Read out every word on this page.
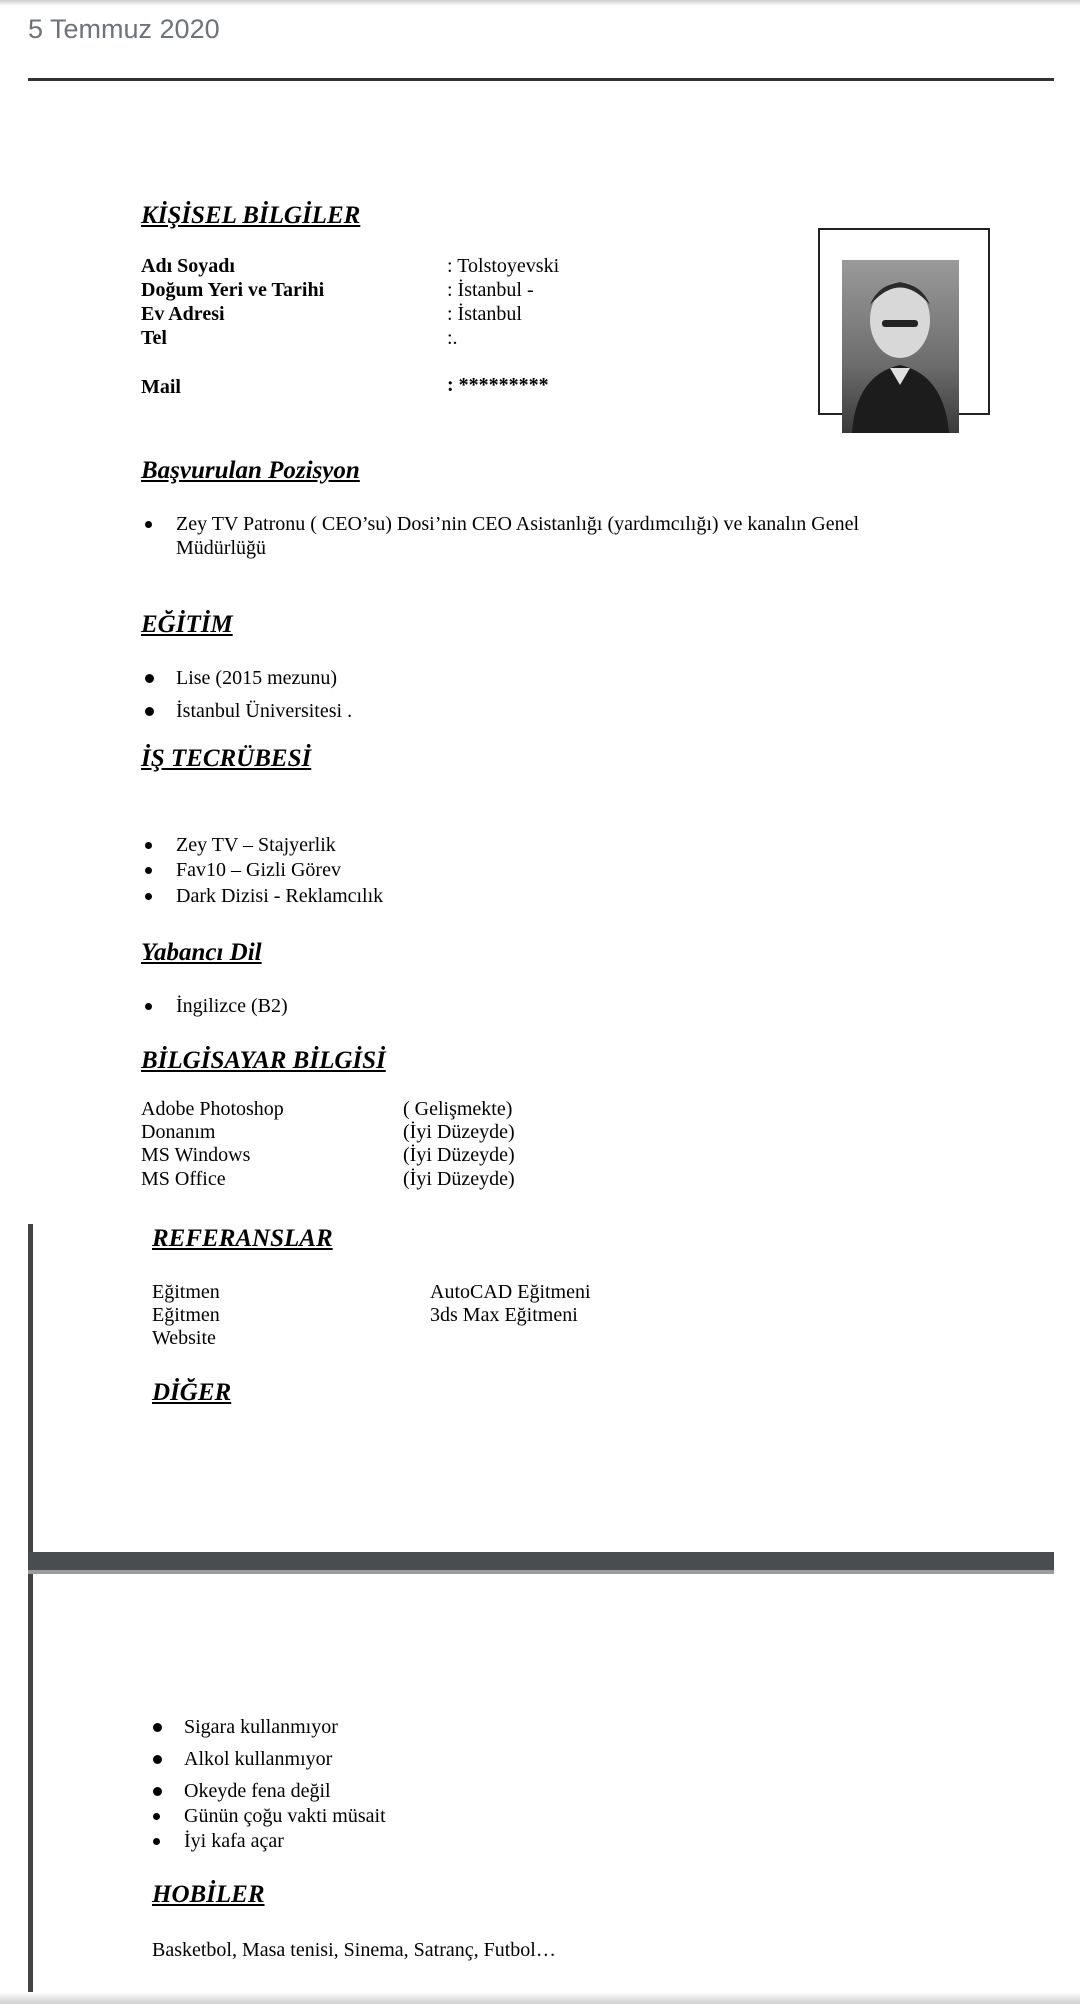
5 Temmuz 2020
KİŞİSEL BİLGİLER
Adı Soyadı	: Tolstoyevski
Doğum Yeri ve Tarihi	: İstanbul -
Ev Adresi	: İstanbul
Tel	:.
Mail	: *********
Başvurulan Pozisyon
Zey TV Patronu ( CEO’su) Dosi’nin CEO Asistanlığı (yardımcılığı) ve kanalın Genel
Müdürlüğü
EĞİTİM
Lise (2015 mezunu)
İstanbul Üniversitesi .
İŞ TECRÜBESİ
Zey TV – Stajyerlik
Fav10 – Gizli Görev
Dark Dizisi - Reklamcılık
Yabancı Dil
İngilizce (B2)
BİLGİSAYAR BİLGİSİ
Adobe Photoshop	( Gelişmekte)
Donanım	(İyi Düzeyde)
MS Windows	(İyi Düzeyde)
MS Office	(İyi Düzeyde)
REFERANSLAR
Eğitmen	AutoCAD Eğitmeni
Eğitmen	3ds Max Eğitmeni
Website
DİĞER
Sigara kullanmıyor
Alkol kullanmıyor
Okeyde fena değil
Günün çoğu vakti müsait
İyi kafa açar
HOBİLER
Basketbol, Masa tenisi, Sinema, Satranç, Futbol…
